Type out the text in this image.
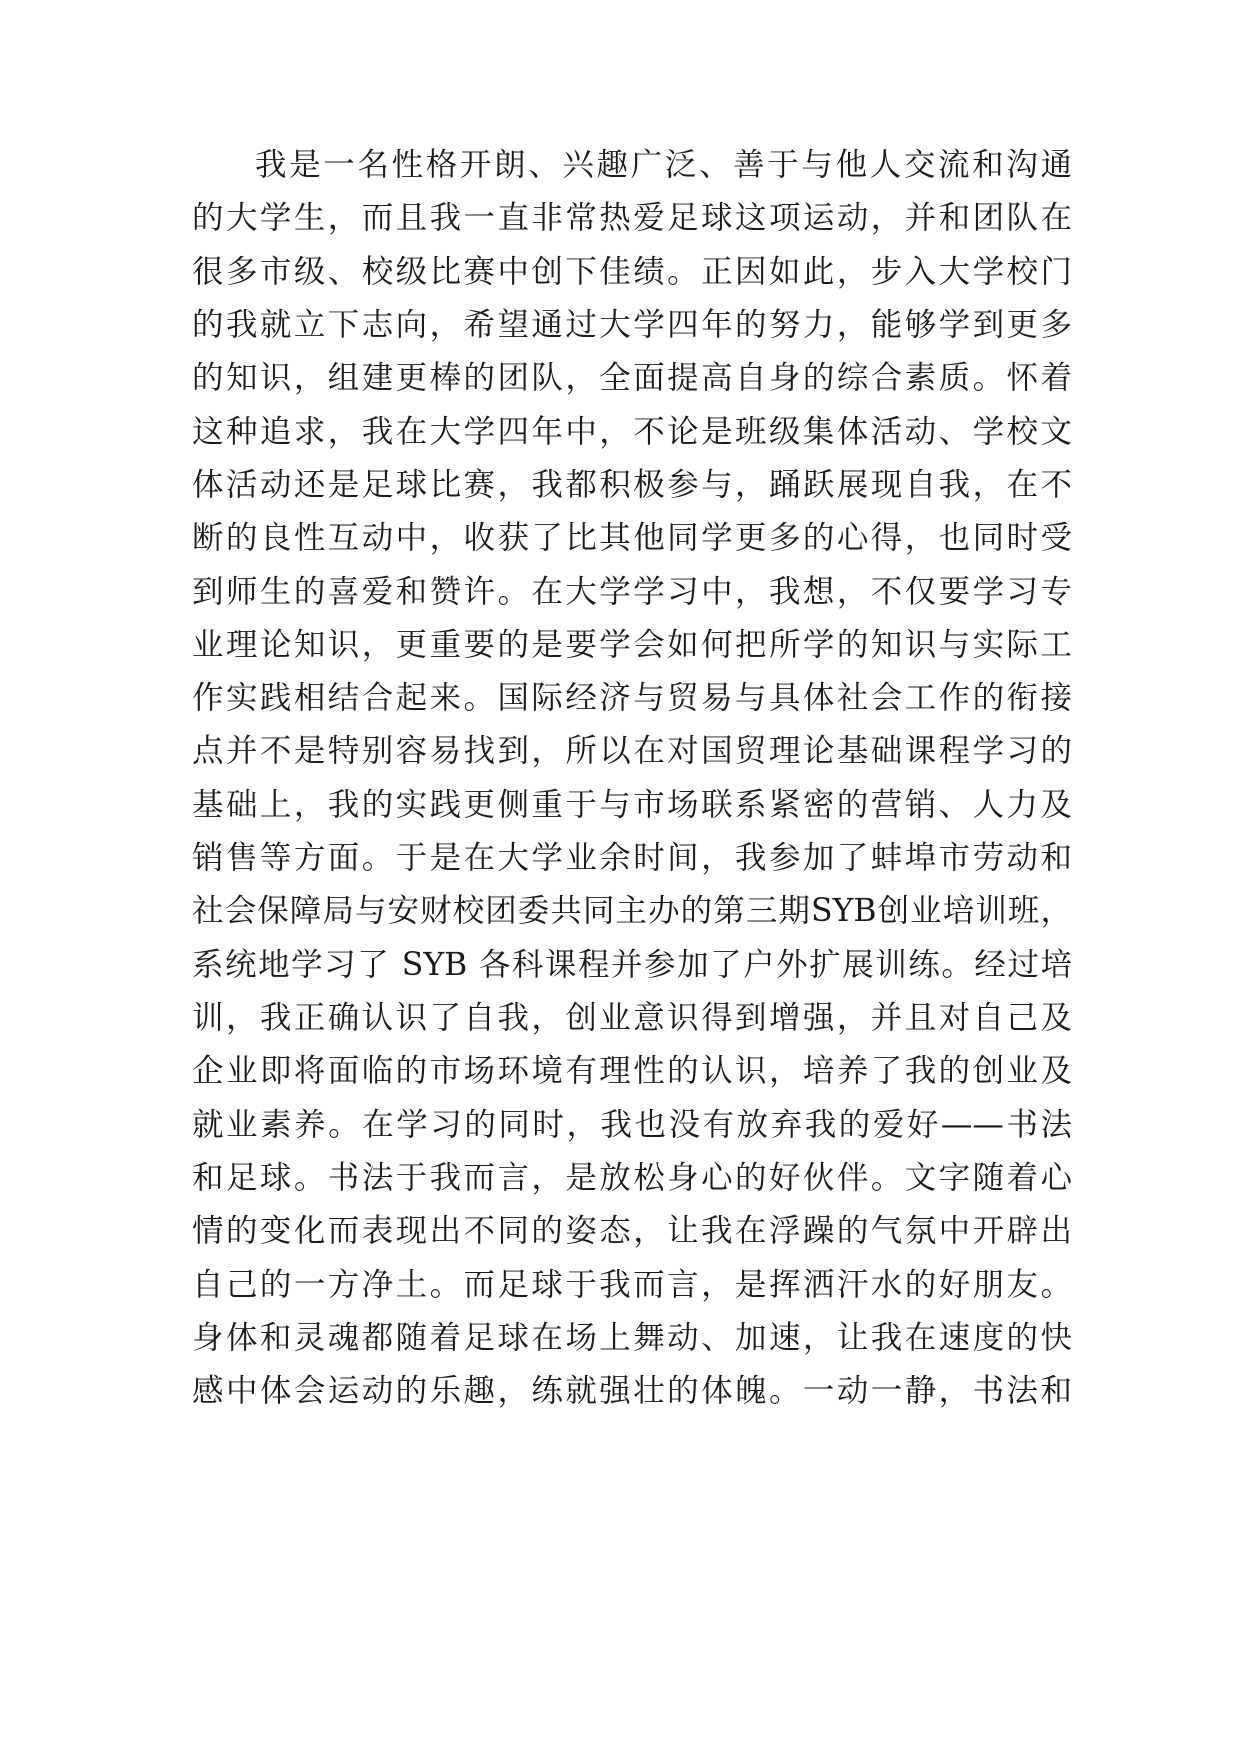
我是一名性格开朗、兴趣广泛、善于与他人交流和沟通
的大学生，而且我一直非常热爱足球这项运动，并和团队在
很多市级、校级比赛中创下佳绩。正因如此，步入大学校门
的我就立下志向，希望通过大学四年的努力，能够学到更多
的知识，组建更棒的团队，全面提高自身的综合素质。怀着
这种追求，我在大学四年中，不论是班级集体活动、学校文
体活动还是足球比赛，我都积极参与，踊跃展现自我，在不
断的良性互动中，收获了比其他同学更多的心得，也同时受
到师生的喜爱和赞许。在大学学习中，我想，不仅要学习专
业理论知识，更重要的是要学会如何把所学的知识与实际工
作实践相结合起来。国际经济与贸易与具体社会工作的衔接
点并不是特别容易找到，所以在对国贸理论基础课程学习的
基础上，我的实践更侧重于与市场联系紧密的营销、人力及
销售等方面。于是在大学业余时间，我参加了蚌埠市劳动和
社会保障局与安财校团委共同主办的第三期SYB创业培训班，
系统地学习了 SYB 各科课程并参加了户外扩展训练。经过培
训，我正确认识了自我，创业意识得到增强，并且对自己及
企业即将面临的市场环境有理性的认识，培养了我的创业及
就业素养。在学习的同时，我也没有放弃我的爱好——书法
和足球。书法于我而言，是放松身心的好伙伴。文字随着心
情的变化而表现出不同的姿态，让我在浮躁的气氛中开辟出
自己的一方净土。而足球于我而言，是挥洒汗水的好朋友。
身体和灵魂都随着足球在场上舞动、加速，让我在速度的快
感中体会运动的乐趣，练就强壮的体魄。一动一静，书法和
